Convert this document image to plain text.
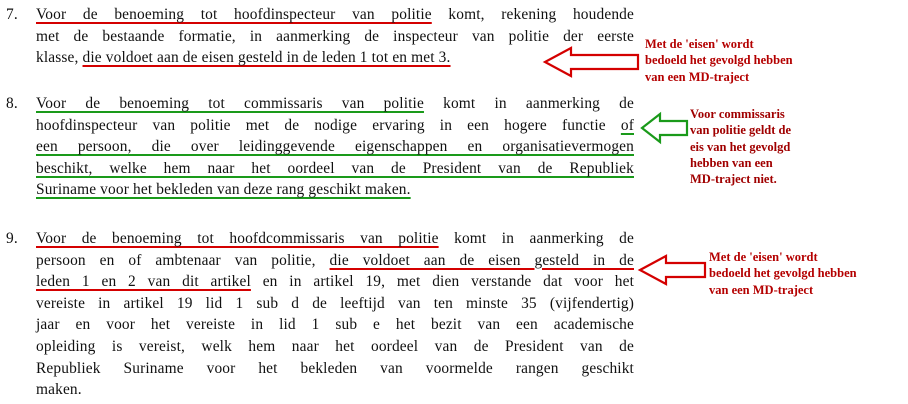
7.	Voor de benoeming tot hoofdinspecteur van politie komt, rekening houdende
met de bestaande formatie, in aanmerking de inspecteur van politie der eerste
klasse, die voldoet aan de eisen gesteld in de leden 1 tot en met 3.
8.	Voor de benoeming tot commissaris van politie komt in aanmerking de
hoofdinspecteur van politie met de nodige ervaring in een hogere functie of
een persoon, die over leidinggevende eigenschappen en organisatievermogen
beschikt, welke hem naar het oordeel van de President van de Republiek
Suriname voor het bekleden van deze rang geschikt maken.
9.	Voor de benoeming tot hoofdcommissaris van politie komt in aanmerking de
persoon en of ambtenaar van politie, die voldoet aan de eisen gesteld in de
leden 1 en 2 van dit artikel en in artikel 19, met dien verstande dat voor het
vereiste in artikel 19 lid 1 sub d de leeftijd van ten minste 35 (vijfendertig)
jaar en voor het vereiste in lid 1 sub e het bezit van een academische
opleiding is vereist, welk hem naar het oordeel van de President van de
Republiek Suriname voor het bekleden van voormelde rangen geschikt
maken.
Met de 'eisen' wordt
bedoeld het gevolgd hebben
van een MD-traject
Voor commissaris
van politie geldt de
eis van het gevolgd
hebben van een
MD-traject niet.
Met de 'eisen' wordt
bedoeld het gevolgd hebben
van een MD-traject
